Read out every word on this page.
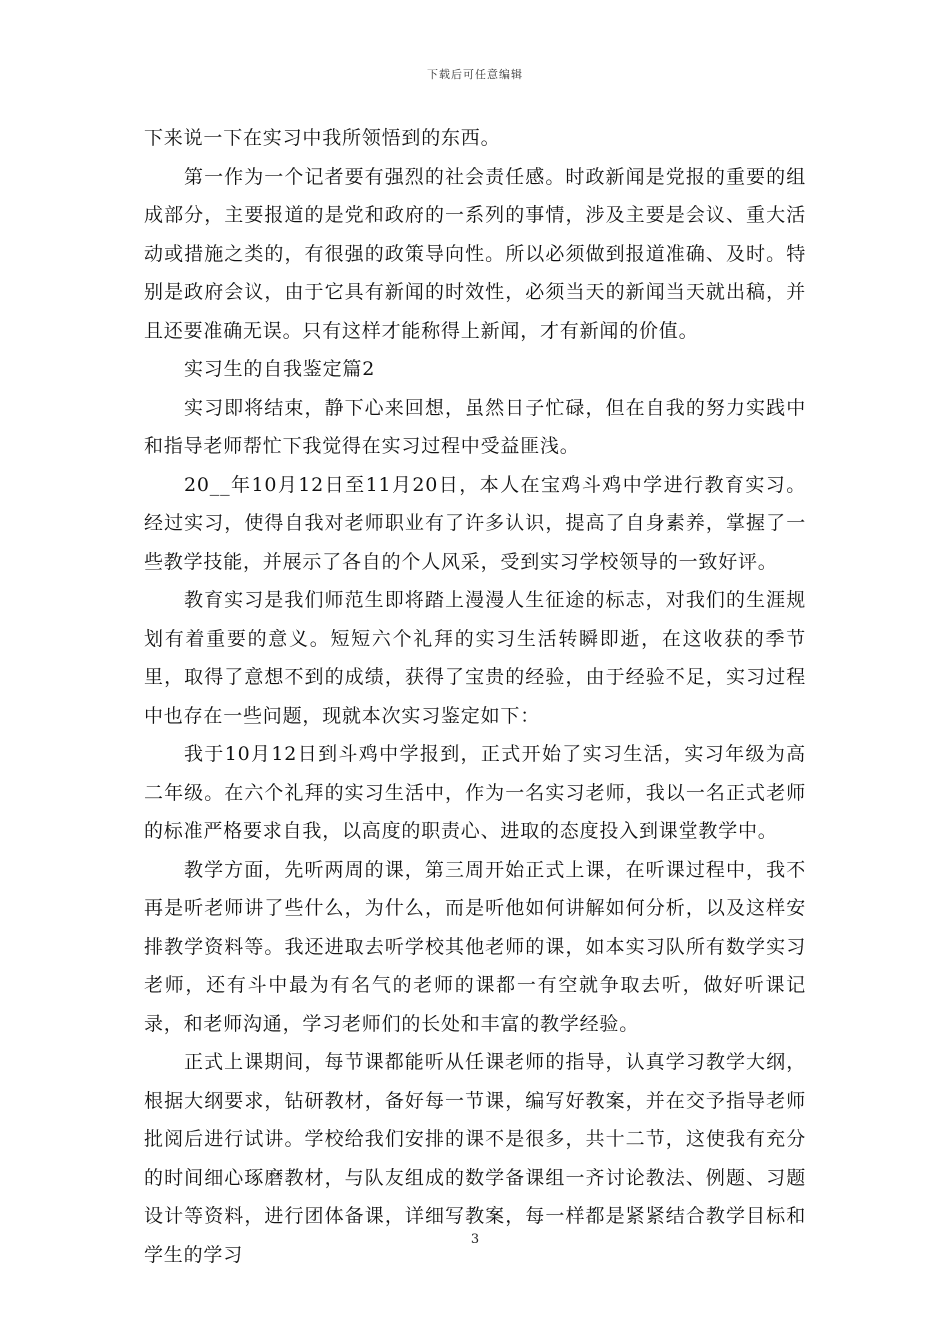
下载后可任意编辑

下来说一下在实习中我所领悟到的东西。

第一作为一个记者要有强烈的社会责任感。时政新闻是党报的重要的组成部分，主要报道的是党和政府的一系列的事情，涉及主要是会议、重大活动或措施之类的，有很强的政策导向性。所以必须做到报道准确、及时。特别是政府会议，由于它具有新闻的时效性，必须当天的新闻当天就出稿，并且还要准确无误。只有这样才能称得上新闻，才有新闻的价值。

实习生的自我鉴定篇2

实习即将结束，静下心来回想，虽然日子忙碌，但在自我的努力实践中和指导老师帮忙下我觉得在实习过程中受益匪浅。

20__年10月12日至11月20日，本人在宝鸡斗鸡中学进行教育实习。经过实习，使得自我对老师职业有了许多认识，提高了自身素养，掌握了一些教学技能，并展示了各自的个人风采，受到实习学校领导的一致好评。

教育实习是我们师范生即将踏上漫漫人生征途的标志，对我们的生涯规划有着重要的意义。短短六个礼拜的实习生活转瞬即逝，在这收获的季节里，取得了意想不到的成绩，获得了宝贵的经验，由于经验不足，实习过程中也存在一些问题，现就本次实习鉴定如下：

我于10月12日到斗鸡中学报到，正式开始了实习生活，实习年级为高二年级。在六个礼拜的实习生活中，作为一名实习老师，我以一名正式老师的标准严格要求自我，以高度的职责心、进取的态度投入到课堂教学中。

教学方面，先听两周的课，第三周开始正式上课，在听课过程中，我不再是听老师讲了些什么，为什么，而是听他如何讲解如何分析，以及这样安排教学资料等。我还进取去听学校其他老师的课，如本实习队所有数学实习老师，还有斗中最为有名气的老师的课都一有空就争取去听，做好听课记录，和老师沟通，学习老师们的长处和丰富的教学经验。

正式上课期间，每节课都能听从任课老师的指导，认真学习教学大纲，根据大纲要求，钻研教材，备好每一节课，编写好教案，并在交予指导老师批阅后进行试讲。学校给我们安排的课不是很多，共十二节，这使我有充分的时间细心琢磨教材，与队友组成的数学备课组一齐讨论教法、例题、习题设计等资料，进行团体备课，详细写教案，每一样都是紧紧结合教学目标和学生的学习

3
